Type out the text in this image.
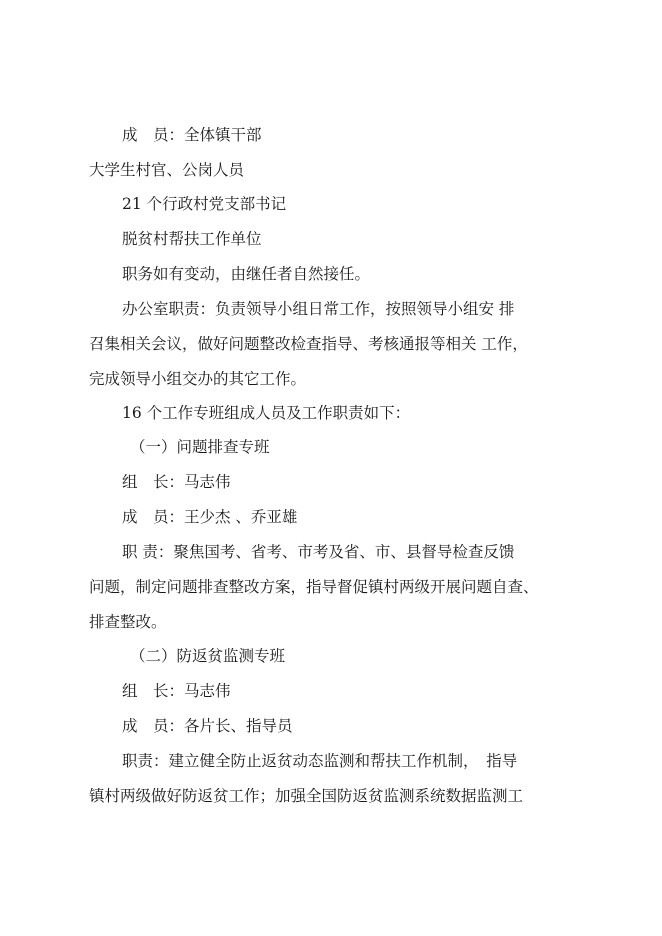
成　员：全体镇干部
大学生村官、公岗人员
21 个行政村党支部书记
脱贫村帮扶工作单位
职务如有变动，由继任者自然接任。
办公室职责：负责领导小组日常工作，按照领导小组安 排
召集相关会议，做好问题整改检查指导、考核通报等相关 工作，
完成领导小组交办的其它工作。
16 个工作专班组成人员及工作职责如下：
（一）问题排查专班
组　长：马志伟
成　员：王少杰 、乔亚雄
职 责：聚焦国考、省考、市考及省、市、县督导检查反馈
问题，制定问题排查整改方案，指导督促镇村两级开展问题自查、
排查整改。
（二）防返贫监测专班
组　长：马志伟
成　员：各片长、指导员
职责：建立健全防止返贫动态监测和帮扶工作机制，　指导
镇村两级做好防返贫工作；加强全国防返贫监测系统数据监测工
